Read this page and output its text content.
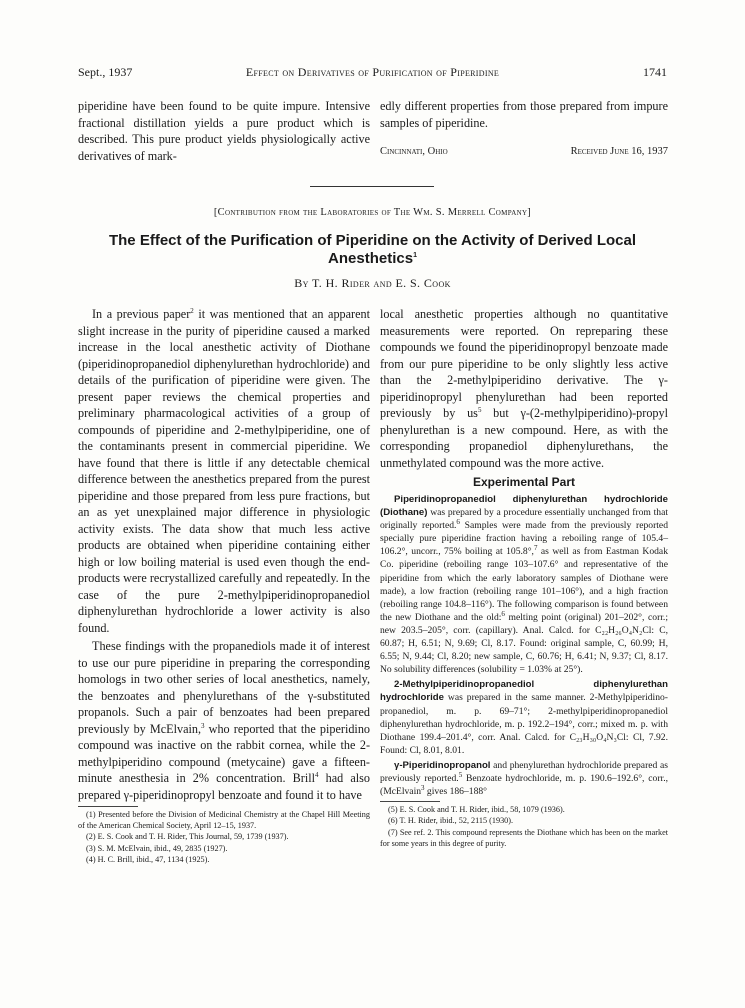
Sept., 1937	Effect on Derivatives of Purification of Piperidine	1741

piperidine have been found to be quite impure. Intensive fractional distillation yields a pure product which is described. This pure product yields physiologically active derivatives of mark-

edly different properties from those prepared from impure samples of piperidine.

Cincinnati, Ohio	Received June 16, 1937
[Contribution from the Laboratories of The Wm. S. Merrell Company]
The Effect of the Purification of Piperidine on the Activity of Derived Local Anesthetics$^1$
By T. H. Rider and E. S. Cook

In a previous paper$^2$ it was mentioned that an apparent slight increase in the purity of piperidine caused a marked increase in the local anesthetic activity of Diothane (piperidinopropanediol diphenylurethan hydrochloride) and details of the purification of piperidine were given. The present paper reviews the chemical properties and preliminary pharmacological activities of a group of compounds of piperidine and 2-methylpiperidine, one of the contaminants present in commercial piperidine. We have found that there is little if any detectable chemical difference between the anesthetics prepared from the purest piperidine and those prepared from less pure fractions, but an as yet unexplained major difference in physiologic activity exists. The data show that much less active products are obtained when piperidine containing either high or low boiling material is used even though the end-products were recrystallized carefully and repeatedly. In the case of the pure 2-methylpiperidinopropanediol diphenylurethan hydrochloride a lower activity is also found.

These findings with the propanediols made it of interest to use our pure piperidine in preparing the corresponding homologs in two other series of local anesthetics, namely, the benzoates and phenylurethans of the γ-substituted propanols. Such a pair of benzoates had been prepared previously by McElvain,$^3$ who reported that the piperidino compound was inactive on the rabbit cornea, while the 2-methylpiperidino compound (metycaine) gave a fifteen-minute anesthesia in 2% concentration. Brill$^4$ had also prepared γ-piperidinopropyl benzoate and found it to have

(1) Presented before the Division of Medicinal Chemistry at the Chapel Hill Meeting of the American Chemical Society, April 12–15, 1937.

(2) E. S. Cook and T. H. Rider, This Journal, 59, 1739 (1937).

(3) S. M. McElvain, ibid., 49, 2835 (1927).

(4) H. C. Brill, ibid., 47, 1134 (1925).

local anesthetic properties although no quantitative measurements were reported. On repreparing these compounds we found the piperidinopropyl benzoate made from our pure piperidine to be only slightly less active than the 2-methylpiperidino derivative. The γ-piperidinopropyl phenylurethan had been reported previously by $us^5$ but γ-(2-methylpiperidino)-propyl phenylurethan is a new compound. Here, as with the corresponding propanediol diphenylurethans, the unmethylated compound was the more active.

Experimental Part

Piperidinopropanediol diphenylurethan hydrochloride (Diothane) was prepared by a procedure essentially unchanged from that originally reported.$^6$ Samples were made from the previously reported specially pure piperidine fraction having a reboiling range of 105.4–106.2°, uncorr., 75% boiling at 105.8°,$^7$ as well as from Eastman Kodak Co. piperidine (reboiling range 103–107.6° and representative of the piperidine from which the early laboratory samples of Diothane were made), a low fraction (reboiling range 101–106°), and a high fraction (reboiling range 104.8–116°). The following comparison is found between the new Diothane and the old:$^6$ melting point (original) 201–202°, corr.; new 203.5–205°, corr. (capillary). Anal. Calcd. for C₂₂H₂₆O₄N₂Cl: C, 60.87; H, 6.51; N, 9.69; Cl, 8.17. Found: original sample, C, 60.99; H, 6.55; N, 9.44; Cl, 8.20; new sample, C, 60.76; H, 6.41; N, 9.37; Cl, 8.17. No solubility differences (solubility = 1.03% at 25°).

2-Methylpiperidinopropanediol diphenylurethan hydrochloride was prepared in the same manner. 2-Methylpiperidino-propanediol, m. p. 69–71°; 2-methylpiperidinopropanediol diphenylurethan hydrochloride, m. p. 192.2–194°, corr.; mixed m. p. with Diothane 199.4–201.4°, corr. Anal. Calcd. for C₂₃H₃₀O₄N₃Cl: Cl, 7.92. Found: Cl, 8.01, 8.01.

γ-Piperidinopropanol and phenylurethan hydrochloride prepared as previously reported.$^5$ Benzoate hydrochloride, m. p. 190.6–192.6°, corr., (McElvain$^3$ gives 186–188°

(5) E. S. Cook and T. H. Rider, ibid., 58, 1079 (1936).

(6) T. H. Rider, ibid., 52, 2115 (1930).

(7) See ref. 2. This compound represents the Diothane which has been on the market for some years in this degree of purity.
